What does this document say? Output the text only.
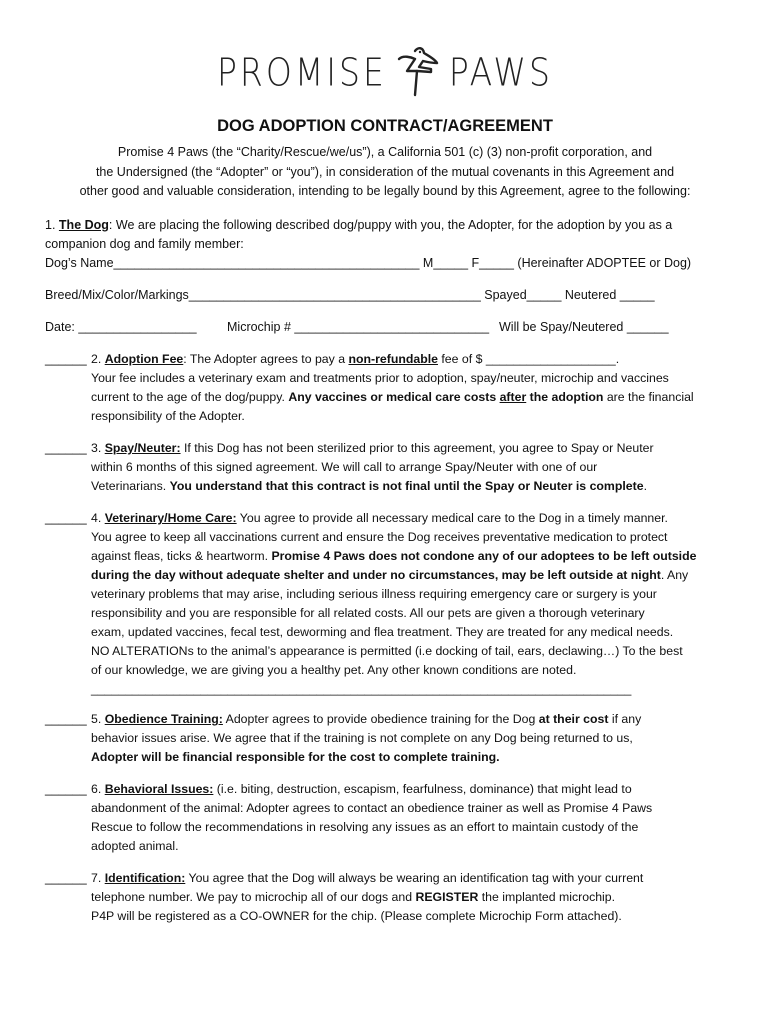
PROMISE PAWS
DOG ADOPTION CONTRACT/AGREEMENT

Promise 4 Paws (the “Charity/Rescue/we/us”), a California 501 (c) (3) non-profit corporation, and

the Undersigned (the “Adopter” or “you”), in consideration of the mutual covenants in this Agreement and

other good and valuable consideration, intending to be legally bound by this Agreement, agree to the following:

1. The Dog: We are placing the following described dog/puppy with you, the Adopter, for the adoption by you as a
companion dog and family member:
Dog’s Name____________________________________________ M_____ F_____ (Hereinafter ADOPTEE or Dog)
Breed/Mix/Color/Markings__________________________________________ Spayed_____ Neutered _____
Date: _________________ Microchip # ____________________________ Will be Spay/Neutered ______
______ 2. Adoption Fee: The Adopter agrees to pay a non-refundable fee of $ ___________________.

Your fee includes a veterinary exam and treatments prior to adoption, spay/neuter, microchip and vaccines

current to the age of the dog/puppy. Any vaccines or medical care costs after the adoption are the financial

responsibility of the Adopter.

______ 3. Spay/Neuter: If this Dog has not been sterilized prior to this agreement, you agree to Spay or Neuter

within 6 months of this signed agreement. We will call to arrange Spay/Neuter with one of our

Veterinarians. You understand that this contract is not final until the Spay or Neuter is complete.

______ 4. Veterinary/Home Care: You agree to provide all necessary medical care to the Dog in a timely manner.

You agree to keep all vaccinations current and ensure the Dog receives preventative medication to protect

against fleas, ticks & heartworm. Promise 4 Paws does not condone any of our adoptees to be left outside

during the day without adequate shelter and under no circumstances, may be left outside at night. Any

veterinary problems that may arise, including serious illness requiring emergency care or surgery is your

responsibility and you are responsible for all related costs. All our pets are given a thorough veterinary

exam, updated vaccines, fecal test, deworming and flea treatment. They are treated for any medical needs.

NO ALTERATIONs to the animal’s appearance is permitted (i.e docking of tail, ears, declawing…) To the best

of our knowledge, we are giving you a healthy pet. Any other known conditions are noted.

_______________________________________________________________________________

______ 5. Obedience Training: Adopter agrees to provide obedience training for the Dog at their cost if any

behavior issues arise. We agree that if the training is not complete on any Dog being returned to us,

Adopter will be financial responsible for the cost to complete training.

______ 6. Behavioral Issues: (i.e. biting, destruction, escapism, fearfulness, dominance) that might lead to

abandonment of the animal: Adopter agrees to contact an obedience trainer as well as Promise 4 Paws

Rescue to follow the recommendations in resolving any issues as an effort to maintain custody of the

adopted animal.

______ 7. Identification: You agree that the Dog will always be wearing an identification tag with your current

telephone number. We pay to microchip all of our dogs and REGISTER the implanted microchip.

P4P will be registered as a CO-OWNER for the chip. (Please complete Microchip Form attached).
